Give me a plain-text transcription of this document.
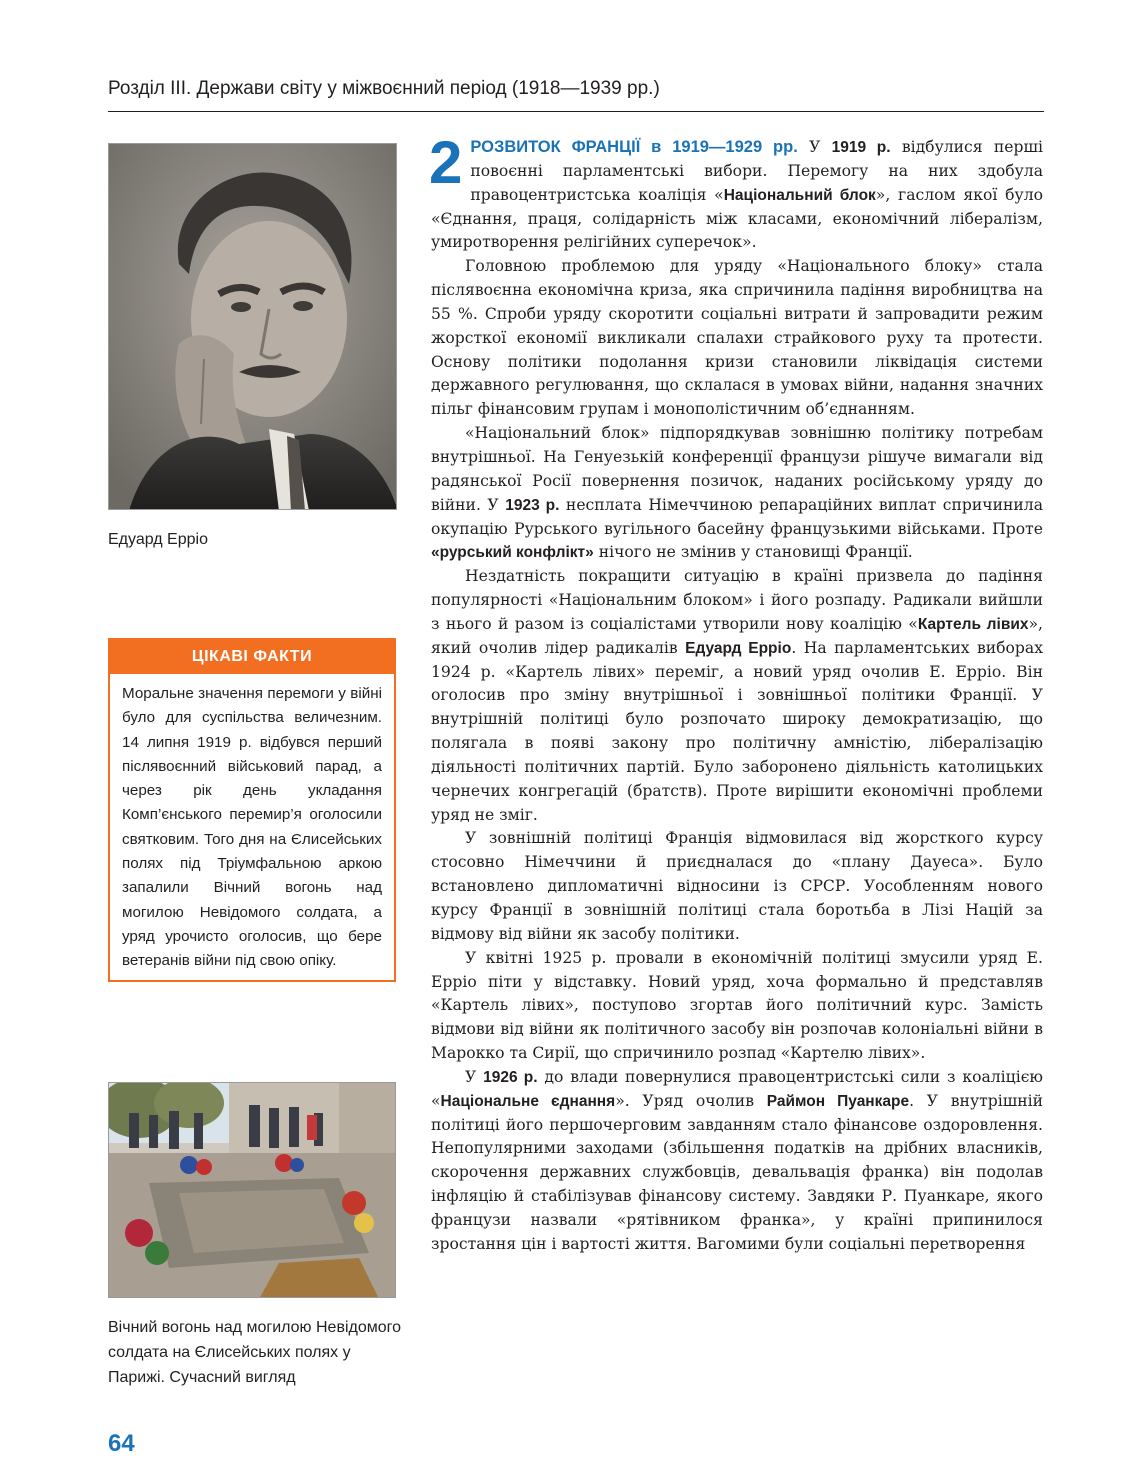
Розділ ІІІ. Держави світу у міжвоєнний період (1918—1939 рр.)
Едуард Ерріо
ЦІКАВІ ФАКТИ
Моральне значення перемоги у війні було для суспільства величезним. 14 липня 1919 р. відбувся перший післявоєнний військовий парад, а через рік день укладання Комп’єнського перемир’я оголосили святковим. Того дня на Єлисейських полях під Тріумфальною аркою запалили Вічний вогонь над могилою Невідомого солдата, а уряд урочисто оголосив, що бере ветеранів війни під свою опіку.
Вічний вогонь над могилою Невідомого солдата на Єлисейських полях у Парижі. Сучасний вигляд

2 РОЗВИТОК ФРАНЦІЇ в 1919—1929 рр. У 1919 р. відбулися перші повоєнні парламентські вибори. Перемогу на них здобула правоцентристська коаліція «Національний блок», гаслом якої було «Єднання, праця, солідарність між класами, економічний лібералізм, умиротворення релігійних суперечок».

Головною проблемою для уряду «Національного блоку» стала післявоєнна економічна криза, яка спричинила падіння виробництва на 55 %. Спроби уряду скоротити соціальні витрати й запровадити режим жорсткої економії викликали спалахи страйкового руху та протести. Основу політики подолання кризи становили ліквідація системи державного регулювання, що склалася в умовах війни, надання значних пільг фінансовим групам і монополістичним об’єднанням.

«Національний блок» підпорядкував зовнішню політику потребам внутрішньої. На Генуезькій конференції французи рішуче вимагали від радянської Росії повернення позичок, наданих російському уряду до війни. У 1923 р. несплата Німеччиною репараційних виплат спричинила окупацію Рурського вугільного басейну французькими військами. Проте «рурський конфлікт» нічого не змінив у становищі Франції.

Нездатність покращити ситуацію в країні призвела до падіння популярності «Національним блоком» і його розпаду. Радикали вийшли з нього й разом із соціалістами утворили нову коаліцію «Картель лівих», який очолив лідер радикалів Едуард Ерріо. На парламентських виборах 1924 р. «Картель лівих» переміг, а новий уряд очолив Е. Ерріо. Він оголосив про зміну внутрішньої і зовнішньої політики Франції. У внутрішній політиці було розпочато широку демократизацію, що полягала в появі закону про політичну амністію, лібералізацію діяльності політичних партій. Було заборонено діяльність католицьких чернечих конгрегацій (братств). Проте вирішити економічні проблеми уряд не зміг.

У зовнішній політиці Франція відмовилася від жорсткого курсу стосовно Німеччини й приєдналася до «плану Дауеса». Було встановлено дипломатичні відносини із СРСР. Уособленням нового курсу Франції в зовнішній політиці стала боротьба в Лізі Націй за відмову від війни як засобу політики.

У квітні 1925 р. провали в економічній політиці змусили уряд Е. Ерріо піти у відставку. Новий уряд, хоча формально й представляв «Картель лівих», поступово згортав його політичний курс. Замість відмови від війни як політичного засобу він розпочав колоніальні війни в Марокко та Сирії, що спричинило розпад «Картелю лівих».

У 1926 р. до влади повернулися правоцентристські сили з коаліцією «Національне єднання». Уряд очолив Раймон Пуанкаре. У внутрішній політиці його першочерговим завданням стало фінансове оздоровлення. Непопулярними заходами (збільшення податків на дрібних власників, скорочення державних службовців, девальвація франка) він подолав інфляцію й стабілізував фінансову систему. Завдяки Р. Пуанкаре, якого французи назвали «рятівником франка», у країні припинилося зростання цін і вартості життя. Вагомими були соціальні перетворення

64
